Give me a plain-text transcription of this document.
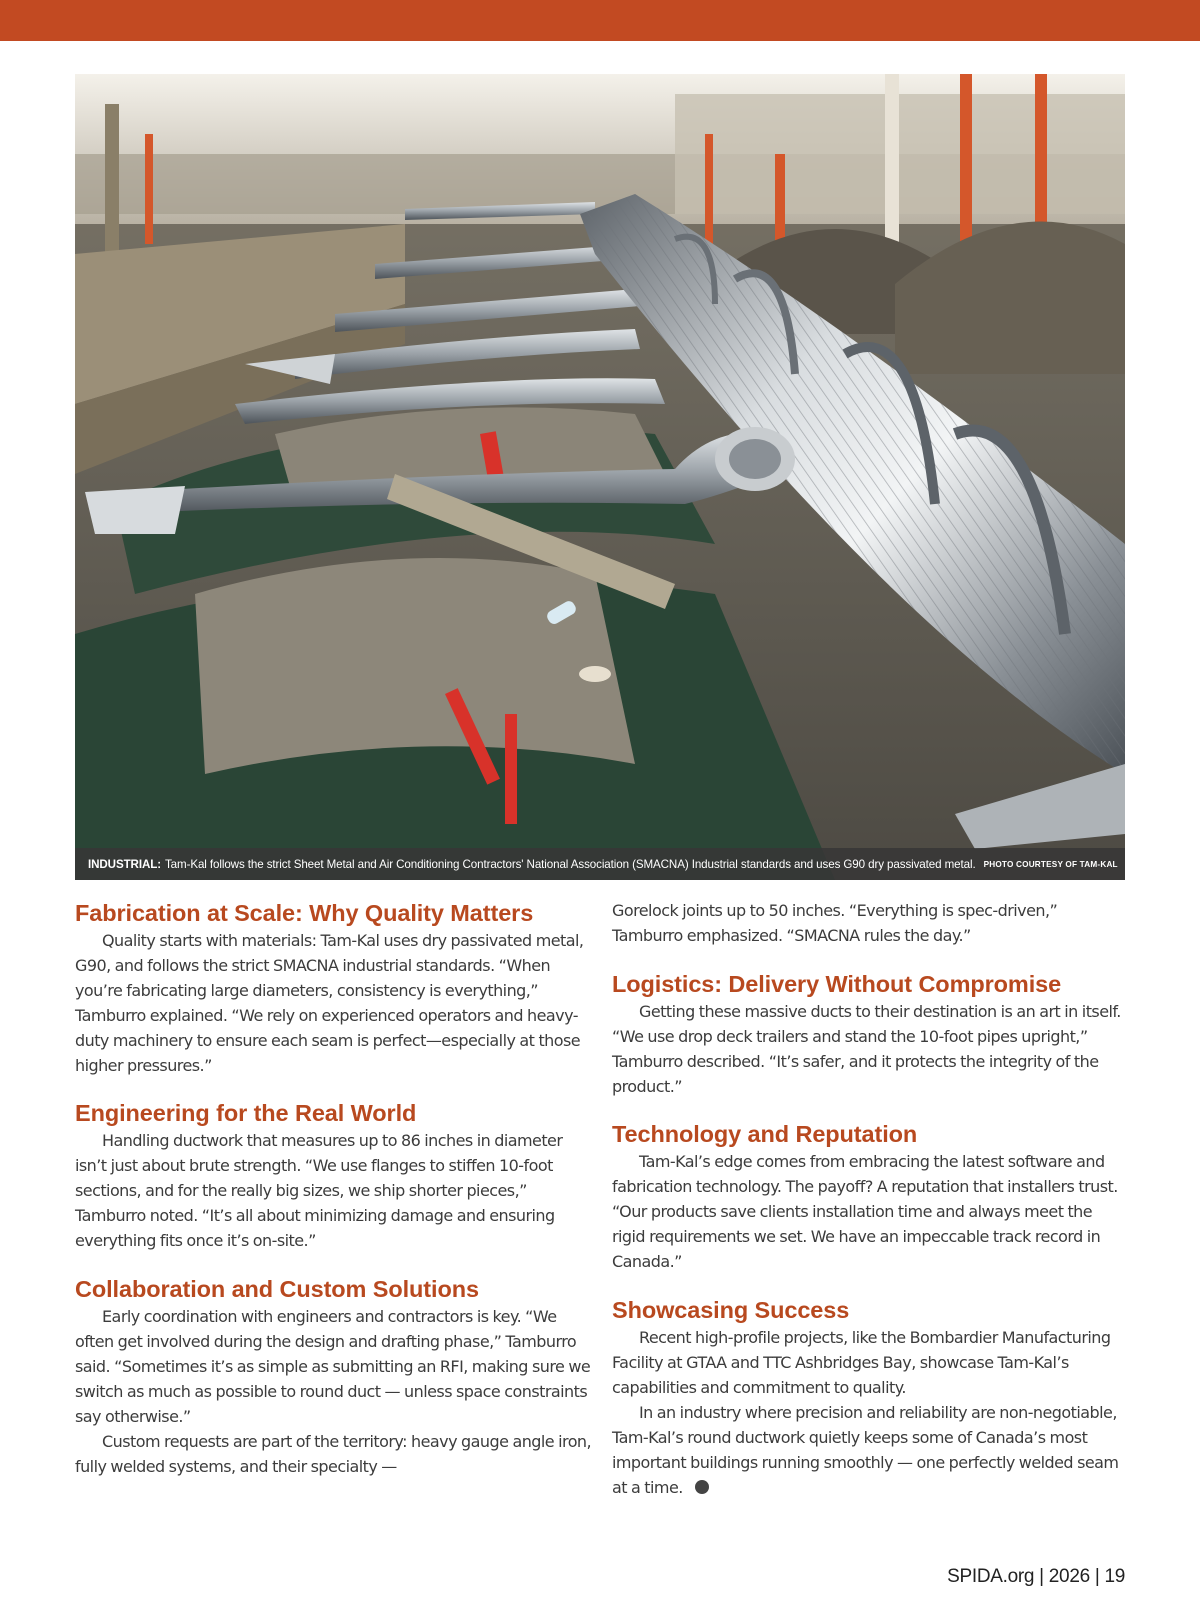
INDUSTRIAL: Tam-Kal follows the strict Sheet Metal and Air Conditioning Contractors' National Association (SMACNA) Industrial standards and uses G90 dry passivated metal. PHOTO COURTESY OF TAM-KAL
Fabrication at Scale: Why Quality Matters

Quality starts with materials: Tam-Kal uses dry passivated metal, G90, and follows the strict SMACNA industrial standards. “When you’re fabricating large diameters, consistency is everything,” Tamburro explained. “We rely on experienced operators and heavy-duty machinery to ensure each seam is perfect—especially at those higher pressures.”

Engineering for the Real World

Handling ductwork that measures up to 86 inches in diameter isn’t just about brute strength. “We use flanges to stiffen 10-foot sections, and for the really big sizes, we ship shorter pieces,” Tamburro noted. “It’s all about minimizing damage and ensuring everything fits once it’s on-site.”

Collaboration and Custom Solutions

Early coordination with engineers and contractors is key. “We often get involved during the design and drafting phase,” Tamburro said. “Sometimes it’s as simple as submitting an RFI, making sure we switch as much as possible to round duct — unless space constraints say otherwise.”

Custom requests are part of the territory: heavy gauge angle iron, fully welded systems, and their specialty —

Gorelock joints up to 50 inches. “Everything is spec-driven,” Tamburro emphasized. “SMACNA rules the day.”

Logistics: Delivery Without Compromise

Getting these massive ducts to their destination is an art in itself. “We use drop deck trailers and stand the 10-foot pipes upright,” Tamburro described. “It’s safer, and it protects the integrity of the product.”

Technology and Reputation

Tam-Kal’s edge comes from embracing the latest software and fabrication technology. The payoff? A reputation that installers trust. “Our products save clients installation time and always meet the rigid requirements we set. We have an impeccable track record in Canada.”

Showcasing Success

Recent high-profile projects, like the Bombardier Manufacturing Facility at GTAA and TTC Ashbridges Bay, showcase Tam-Kal’s capabilities and commitment to quality.

In an industry where precision and reliability are non-negotiable, Tam-Kal’s round ductwork quietly keeps some of Canada’s most important buildings running smoothly — one perfectly welded seam at a time.

SPIDA.org | 2026 | 19
